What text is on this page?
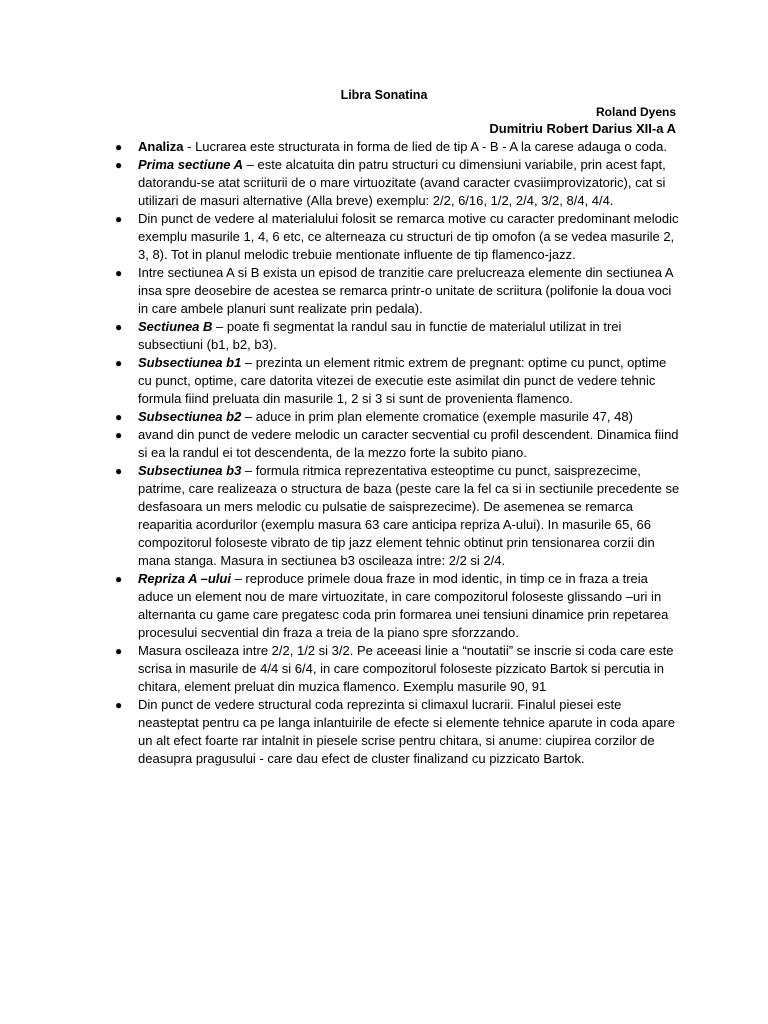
Libra Sonatina
Roland Dyens
Dumitriu Robert Darius XII-a A
● Analiza - Lucrarea este structurata in forma de lied de tip A - B - A la carese adauga o coda.
● Prima sectiune A – este alcatuita din patru structuri cu dimensiuni variabile, prin acest fapt, datorandu-se atat scriiturii de o mare virtuozitate (avand caracter cvasiimprovizatoric), cat si utilizari de masuri alternative (Alla breve) exemplu: 2/2, 6/16, 1/2, 2/4, 3/2, 8/4, 4/4.
● Din punct de vedere al materialului folosit se remarca motive cu caracter predominant melodic exemplu masurile 1, 4, 6 etc, ce alterneaza cu structuri de tip omofon (a se vedea masurile 2, 3, 8). Tot in planul melodic trebuie mentionate influente de tip flamenco-jazz.
● Intre sectiunea A si B exista un episod de tranzitie care prelucreaza elemente din sectiunea A insa spre deosebire de acestea se remarca printr-o unitate de scriitura (polifonie la doua voci in care ambele planuri sunt realizate prin pedala).
● Sectiunea B – poate fi segmentat la randul sau in functie de materialul utilizat in trei subsectiuni (b1, b2, b3).
● Subsectiunea b1 – prezinta un element ritmic extrem de pregnant: optime cu punct, optime cu punct, optime, care datorita vitezei de executie este asimilat din punct de vedere tehnic formula fiind preluata din masurile 1, 2 si 3 si sunt de provenienta flamenco.
● Subsectiunea b2 – aduce in prim plan elemente cromatice (exemple masurile 47, 48)
● avand din punct de vedere melodic un caracter secvential cu profil descendent. Dinamica fiind si ea la randul ei tot descendenta, de la mezzo forte la subito piano.
● Subsectiunea b3 – formula ritmica reprezentativa esteoptime cu punct, saisprezecime, patrime, care realizeaza o structura de baza (peste care la fel ca si in sectiunile precedente se desfasoara un mers melodic cu pulsatie de saisprezecime). De asemenea se remarca reaparitia acordurilor (exemplu masura 63 care anticipa repriza A-ului). In masurile 65, 66 compozitorul foloseste vibrato de tip jazz element tehnic obtinut prin tensionarea corzii din mana stanga. Masura in sectiunea b3 oscileaza intre: 2/2 si 2/4.
● Repriza A –ului – reproduce primele doua fraze in mod identic, in timp ce in fraza a treia aduce un element nou de mare virtuozitate, in care compozitorul foloseste glissando –uri in alternanta cu game care pregatesc coda prin formarea unei tensiuni dinamice prin repetarea procesului secvential din fraza a treia de la piano spre sforzzando.
● Masura oscileaza intre 2/2, 1/2 si 3/2. Pe aceeasi linie a “noutatii” se inscrie si coda care este scrisa in masurile de 4/4 si 6/4, in care compozitorul foloseste pizzicato Bartok si percutia in chitara, element preluat din muzica flamenco. Exemplu masurile 90, 91
● Din punct de vedere structural coda reprezinta si climaxul lucrarii. Finalul piesei este neasteptat pentru ca pe langa inlantuirile de efecte si elemente tehnice aparute in coda apare un alt efect foarte rar intalnit in piesele scrise pentru chitara, si anume: ciupirea corzilor de deasupra pragusului - care dau efect de cluster finalizand cu pizzicato Bartok.
